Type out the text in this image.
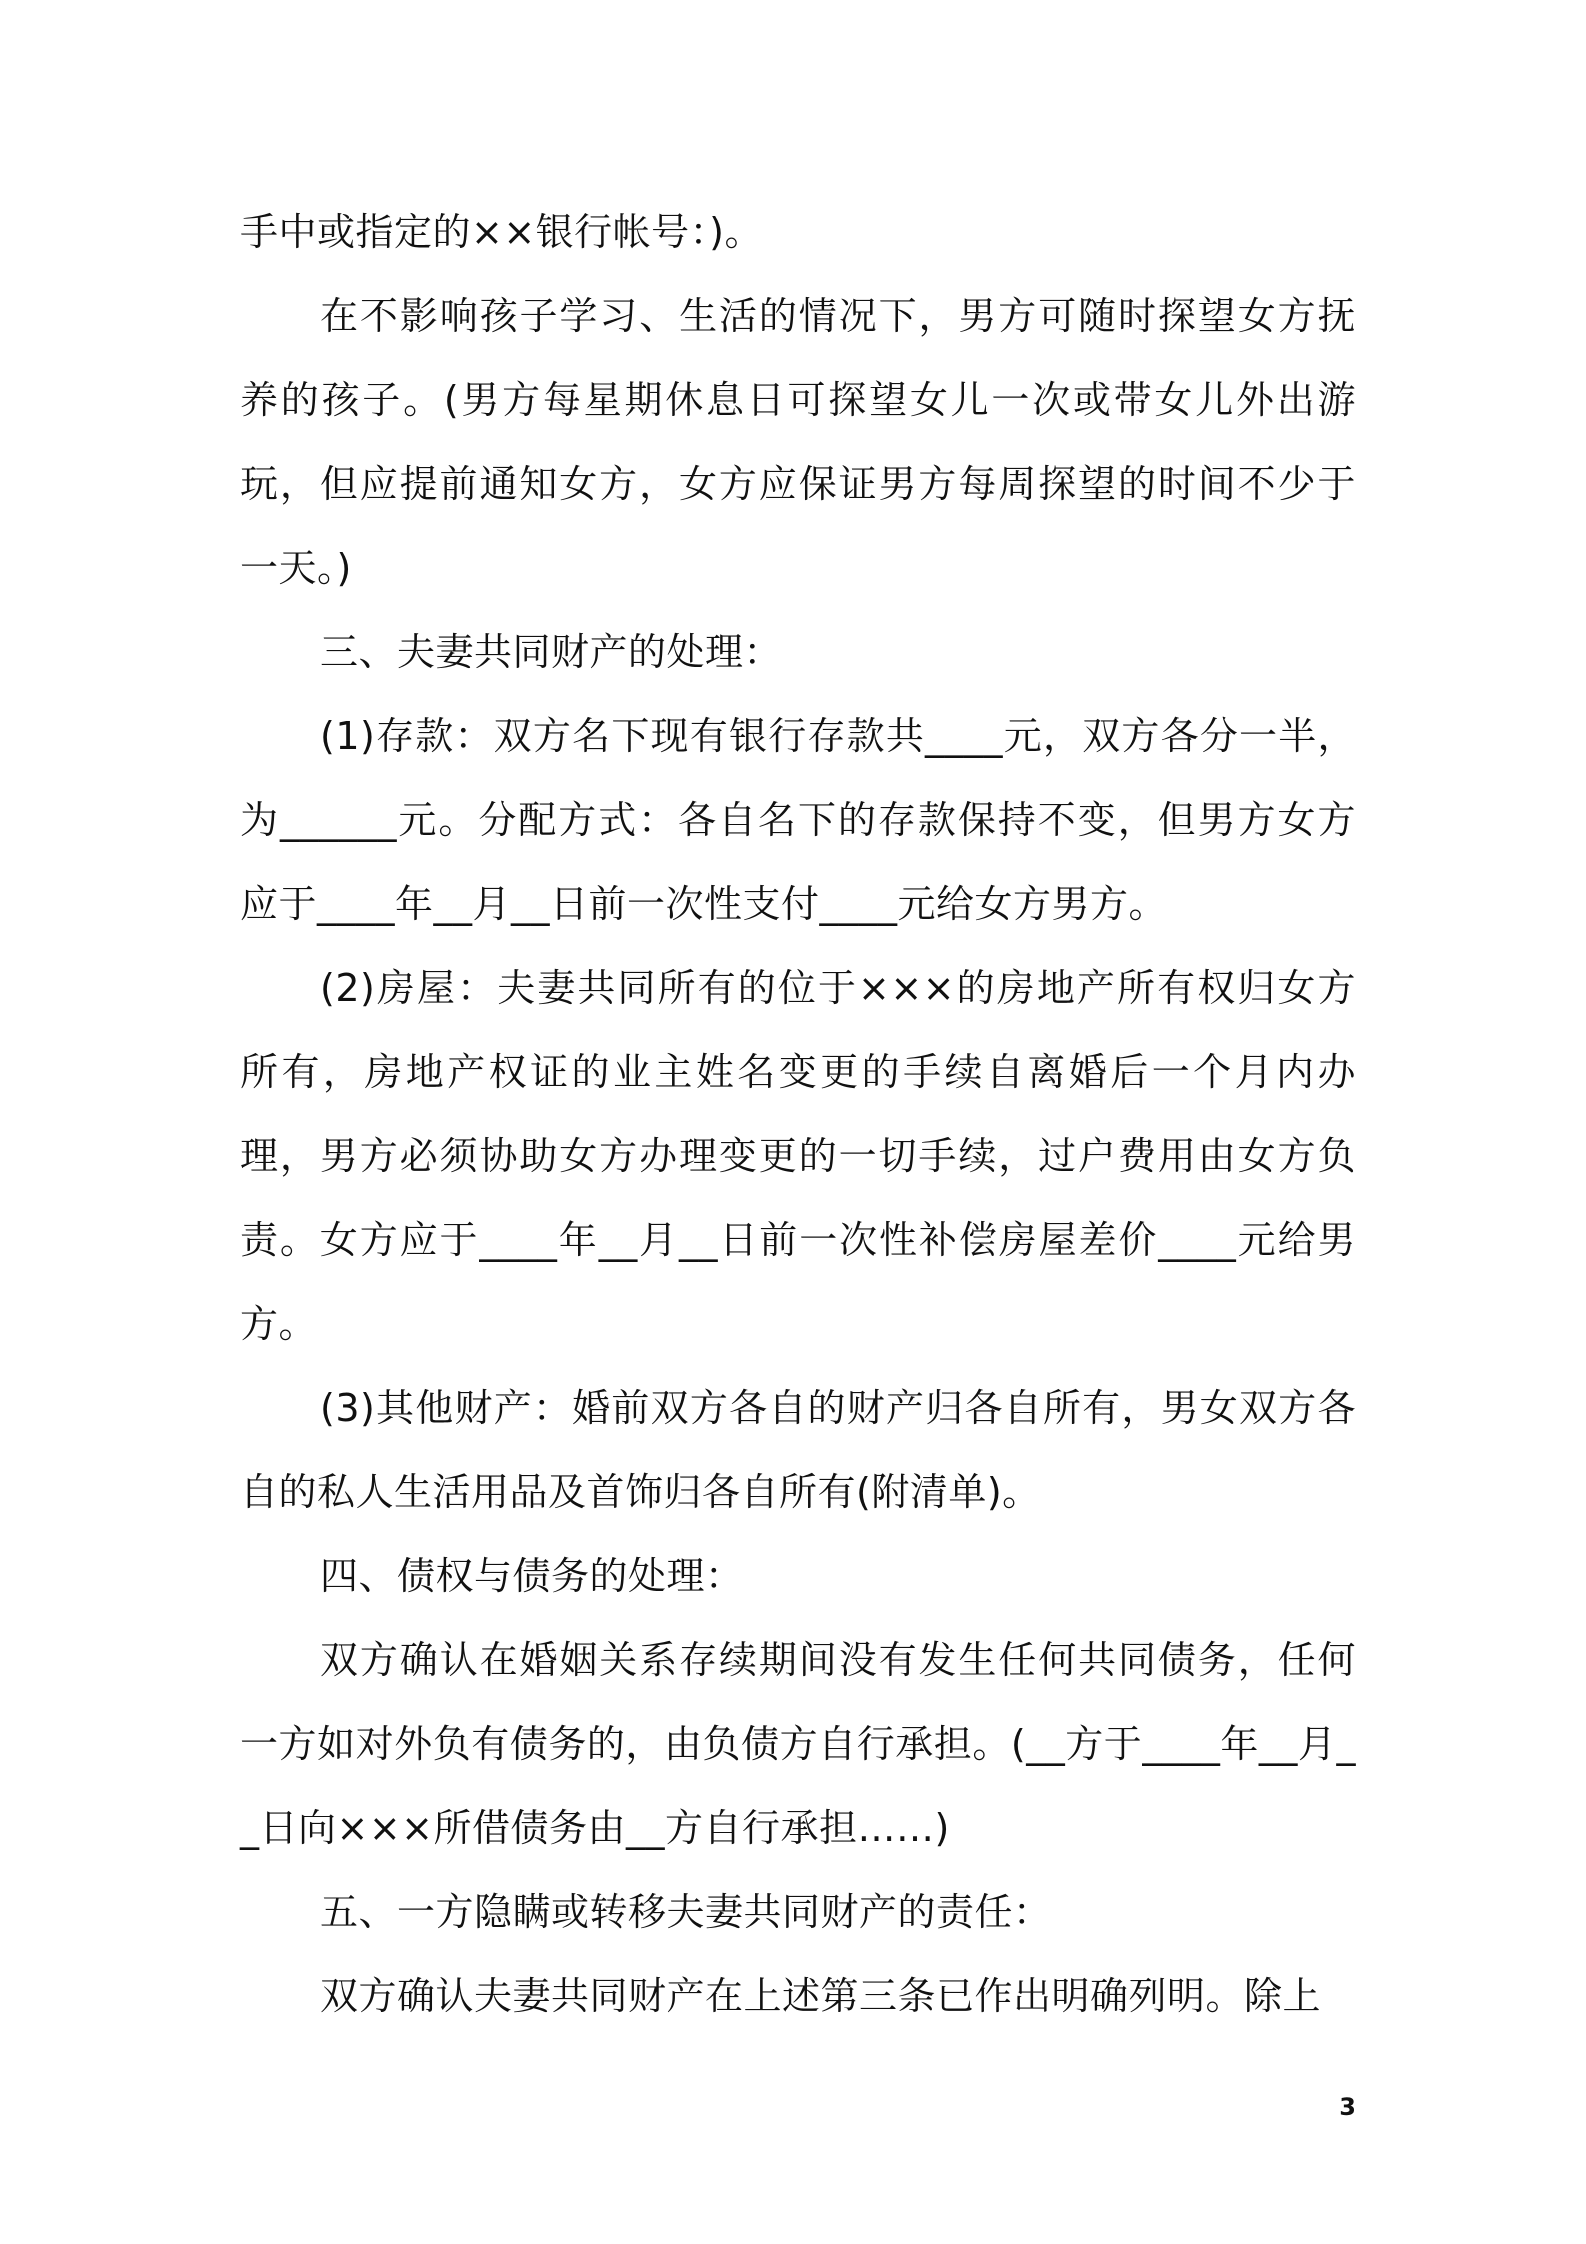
手中或指定的××银行帐号：)。

在不影响孩子学习、生活的情况下，男方可随时探望女方抚养的孩子。(男方每星期休息日可探望女儿一次或带女儿外出游玩，但应提前通知女方，女方应保证男方每周探望的时间不少于一天。)

三、夫妻共同财产的处理：

(1)存款：双方名下现有银行存款共____元，双方各分一半，为______元。分配方式：各自名下的存款保持不变，但男方女方应于____年__月__日前一次性支付____元给女方男方。

(2)房屋：夫妻共同所有的位于×××的房地产所有权归女方所有，房地产权证的业主姓名变更的手续自离婚后一个月内办理，男方必须协助女方办理变更的一切手续，过户费用由女方负责。女方应于____年__月__日前一次性补偿房屋差价____元给男方。

(3)其他财产：婚前双方各自的财产归各自所有，男女双方各自的私人生活用品及首饰归各自所有(附清单)。

四、债权与债务的处理：

双方确认在婚姻关系存续期间没有发生任何共同债务，任何一方如对外负有债务的，由负债方自行承担。(__方于____年__月__日向×××所借债务由__方自行承担……)

五、一方隐瞒或转移夫妻共同财产的责任：

双方确认夫妻共同财产在上述第三条已作出明确列明。除上

3
